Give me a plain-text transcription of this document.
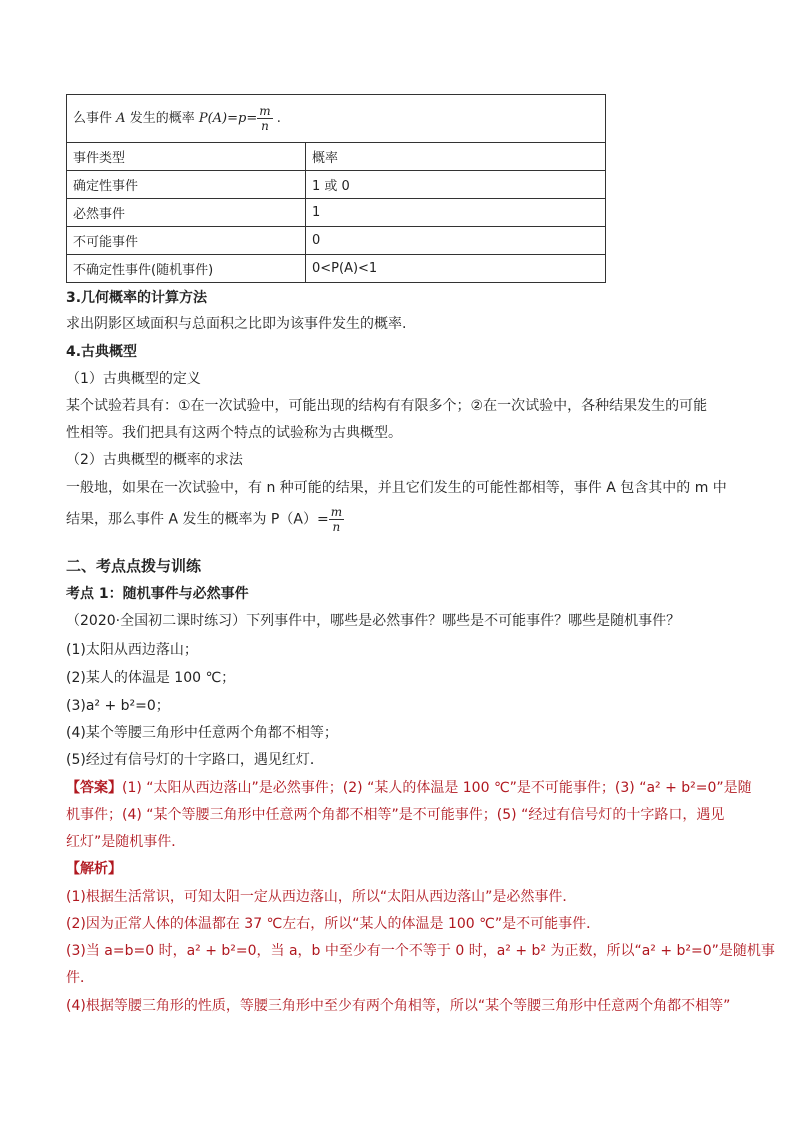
么事件 A 发生的概率 $P(A)=p= \frac{m}{n}$ .	
事件类型	概率
确定性事件	1 或 0
必然事件	1
不可能事件	0
不确定性事件(随机事件)	0<P(A)<1
3.几何概率的计算方法
求出阴影区域面积与总面积之比即为该事件发生的概率.
4.古典概型
（1）古典概型的定义
某个试验若具有：①在一次试验中，可能出现的结构有有限多个；②在一次试验中，各种结果发生的可能
性相等。我们把具有这两个特点的试验称为古典概型。
（2）古典概型的概率的求法
一般地，如果在一次试验中，有 n 种可能的结果，并且它们发生的可能性都相等，事件 A 包含其中的 m 中
结果，那么事件 A 发生的概率为 $P(A)= \frac{m}{n}$
二、考点点拨与训练
考点 1：随机事件与必然事件
（2020·全国初二课时练习）下列事件中，哪些是必然事件？哪些是不可能事件？哪些是随机事件？
(1)太阳从西边落山；
(2)某人的体温是 100 ℃；
(3)a² + b²=0；
(4)某个等腰三角形中任意两个角都不相等；
(5)经过有信号灯的十字路口，遇见红灯．
【答案】(1) “太阳从西边落山”是必然事件；(2) “某人的体温是 100 ℃”是不可能事件；(3) “a² + b²=0”是随
机事件；(4) “某个等腰三角形中任意两个角都不相等”是不可能事件；(5) “经过有信号灯的十字路口，遇见
红灯”是随机事件．
【解析】
(1)根据生活常识，可知太阳一定从西边落山，所以“太阳从西边落山”是必然事件．
(2)因为正常人体的体温都在 37 ℃左右，所以“某人的体温是 100 ℃”是不可能事件．
(3)当 a=b=0 时，a² + b²=0，当 a，b 中至少有一个不等于 0 时，a² + b² 为正数，所以“a² + b²=0”是随机事
件．
(4)根据等腰三角形的性质，等腰三角形中至少有两个角相等，所以“某个等腰三角形中任意两个角都不相等”
